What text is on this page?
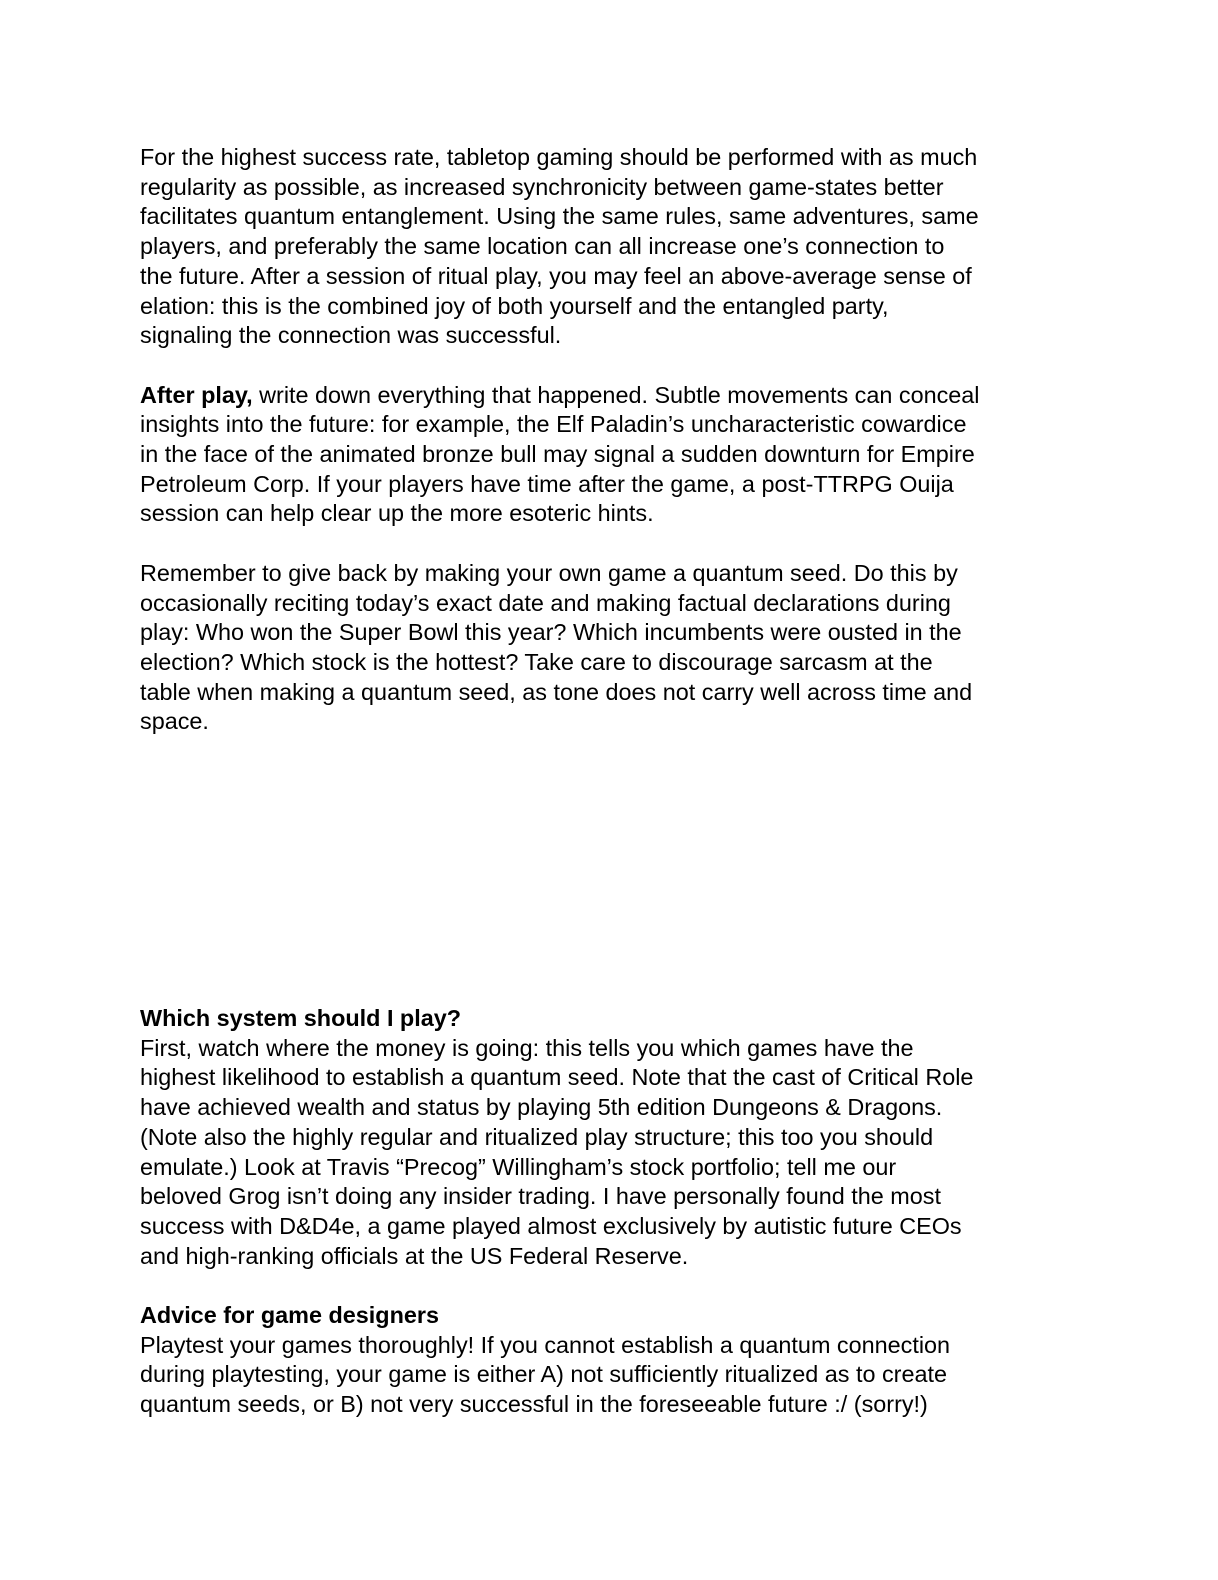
For the highest success rate, tabletop gaming should be performed with as much
regularity as possible, as increased synchronicity between game-states better
facilitates quantum entanglement. Using the same rules, same adventures, same
players, and preferably the same location can all increase one’s connection to
the future. After a session of ritual play, you may feel an above-average sense of
elation: this is the combined joy of both yourself and the entangled party,
signaling the connection was successful.

After play, write down everything that happened. Subtle movements can conceal
insights into the future: for example, the Elf Paladin’s uncharacteristic cowardice
in the face of the animated bronze bull may signal a sudden downturn for Empire
Petroleum Corp. If your players have time after the game, a post-TTRPG Ouija
session can help clear up the more esoteric hints.

Remember to give back by making your own game a quantum seed. Do this by
occasionally reciting today’s exact date and making factual declarations during
play: Who won the Super Bowl this year? Which incumbents were ousted in the
election? Which stock is the hottest? Take care to discourage sarcasm at the
table when making a quantum seed, as tone does not carry well across time and
space.

Which system should I play?
First, watch where the money is going: this tells you which games have the
highest likelihood to establish a quantum seed. Note that the cast of Critical Role
have achieved wealth and status by playing 5th edition Dungeons & Dragons.
(Note also the highly regular and ritualized play structure; this too you should
emulate.) Look at Travis “Precog” Willingham’s stock portfolio; tell me our
beloved Grog isn’t doing any insider trading. I have personally found the most
success with D&D4e, a game played almost exclusively by autistic future CEOs
and high-ranking officials at the US Federal Reserve.

Advice for game designers
Playtest your games thoroughly! If you cannot establish a quantum connection
during playtesting, your game is either A) not sufficiently ritualized as to create
quantum seeds, or B) not very successful in the foreseeable future :/ (sorry!)
